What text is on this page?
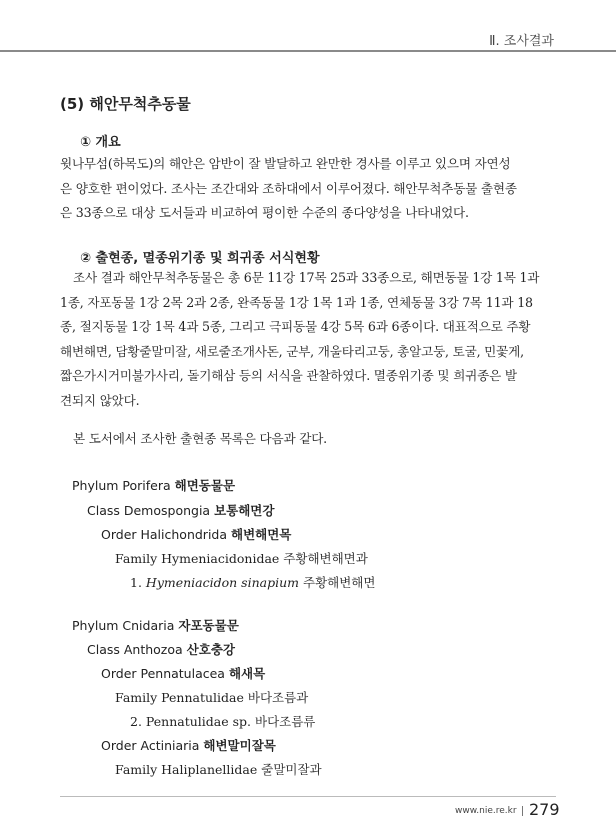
Ⅱ. 조사결과
(5) 해안무척추동물
① 개요
윗나무섬(하목도)의 해안은 암반이 잘 발달하고 완만한 경사를 이루고 있으며 자연성
은 양호한 편이었다. 조사는 조간대와 조하대에서 이루어졌다. 해안무척추동물 출현종
은 33종으로 대상 도서들과 비교하여 평이한 수준의 종다양성을 나타내었다.
② 출현종, 멸종위기종 및 희귀종 서식현황
조사 결과 해안무척추동물은 총 6문 11강 17목 25과 33종으로, 해면동물 1강 1목 1과
1종, 자포동물 1강 2목 2과 2종, 완족동물 1강 1목 1과 1종, 연체동물 3강 7목 11과 18
종, 절지동물 1강 1목 4과 5종, 그리고 극피동물 4강 5목 6과 6종이다. 대표적으로 주황
해변해면, 담황줄말미잘, 새로줄조개사돈, 군부, 개울타리고둥, 총알고둥, 토굴, 민꽃게,
짧은가시거미불가사리, 돌기해삼 등의 서식을 관찰하였다. 멸종위기종 및 희귀종은 발
견되지 않았다.
본 도서에서 조사한 출현종 목록은 다음과 같다.
Phylum Porifera 해면동물문
Class Demospongia 보통해면강
Order Halichondrida 해변해면목
Family Hymeniacidonidae 주황해변해면과
1. Hymeniacidon sinapium 주황해변해면
Phylum Cnidaria 자포동물문
Class Anthozoa 산호충강
Order Pennatulacea 해새목
Family Pennatulidae 바다조름과
2. Pennatulidae sp. 바다조름류
Order Actiniaria 해변말미잘목
Family Haliplanellidae 줄말미잘과
www.nie.re.kr 279
